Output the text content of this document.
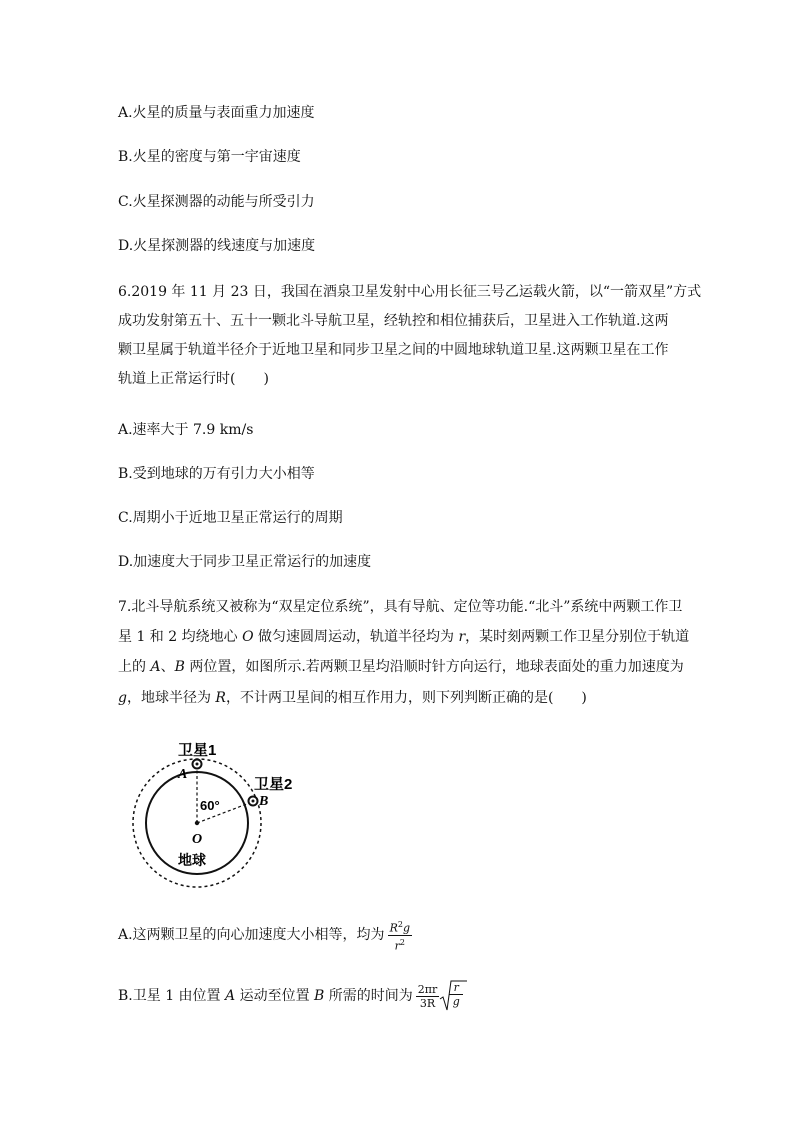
A.火星的质量与表面重力加速度
B.火星的密度与第一宇宙速度
C.火星探测器的动能与所受引力
D.火星探测器的线速度与加速度
6.2019 年 11 月 23 日，我国在酒泉卫星发射中心用长征三号乙运载火箭，以“一箭双星”方式
成功发射第五十、五十一颗北斗导航卫星，经轨控和相位捕获后，卫星进入工作轨道.这两
颗卫星属于轨道半径介于近地卫星和同步卫星之间的中圆地球轨道卫星.这两颗卫星在工作
轨道上正常运行时(　　)
A.速率大于 7.9 km/s
B.受到地球的万有引力大小相等
C.周期小于近地卫星正常运行的周期
D.加速度大于同步卫星正常运行的加速度
7.北斗导航系统又被称为“双星定位系统”，具有导航、定位等功能.“北斗”系统中两颗工作卫
星 1 和 2 均绕地心 O 做匀速圆周运动，轨道半径均为 r，某时刻两颗工作卫星分别位于轨道
上的 A、B 两位置，如图所示.若两颗卫星均沿顺时针方向运行，地球表面处的重力加速度为
g，地球半径为 R，不计两卫星间的相互作用力，则下列判断正确的是(　　)
卫星1
卫星2
A
B
60°
O
地球
A.这两颗卫星的向心加速度大小相等，均为 $\frac{R^2g}{r^2}$
B.卫星 1 由位置 A 运动至位置 B 所需的时间为 $\frac{2\pi r}{3R}$	r
g
